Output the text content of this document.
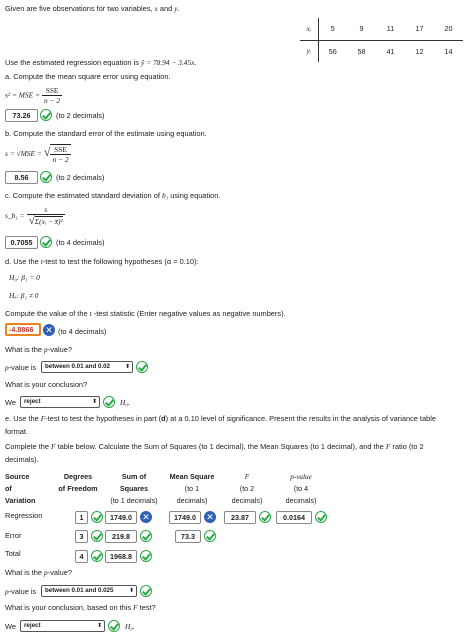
Given are five observations for two variables, x and y.
xᵢ	5	9	11	17	20
yᵢ	56	58	41	12	14
Use the estimated regression equation is ŷ = 78.94 − 3.45x.
a. Compute the mean square error using equation.
s² = MSE = $\frac{\text{SSE}}{n - 2}$
73.26	(to 2 decimals)
b. Compute the standard error of the estimate using equation.
s = √MSE = √ $\frac{\text{SSE}}{n - 2}$
8.56	(to 2 decimals)
c. Compute the estimated standard deviation of b₁ using equation.
s_b₁ = $\frac{s}{\text{√Σ(xᵢ − x̄)²}}$
0.7055	(to 4 decimals)
d. Use the t-test to test the following hypotheses (α = 0.10):
H₀: β₁ = 0
Hₐ: β₁ ≠ 0
Compute the value of the t -test statistic (Enter negative values as negative numbers).
-4.8866	✕ (to 4 decimals)
What is the p-value?
p-value is	between 0.01 and 0.02 ⬍
What is your conclusion?
We	reject	⬍	H₀.
e. Use the F-test to test the hypotheses in part (d) at a 0.10 level of significance. Present the results in the analysis of variance table
format.
Complete the F table below. Calculate the Sum of Squares (to 1 decimal), the Mean Squares (to 1 decimal), and the F ratio (to 2
decimals).
Source
of
Variation
Degrees
of Freedom
Sum of
Squares
(to 1 decimals)
Mean Square
(to 1
decimals)
F
(to 2
decimals)
p-value
(to 4
decimals)
Regression	1	1749.0	✕	1749.0	✕	23.87	0.0164
Error	3	219.8	73.3
Total	4	1968.8
What is the p-value?
p-value is	between 0.01 and 0.025	⬍
What is your conclusion, based on this F test?
We	reject	⬍	H₀.
